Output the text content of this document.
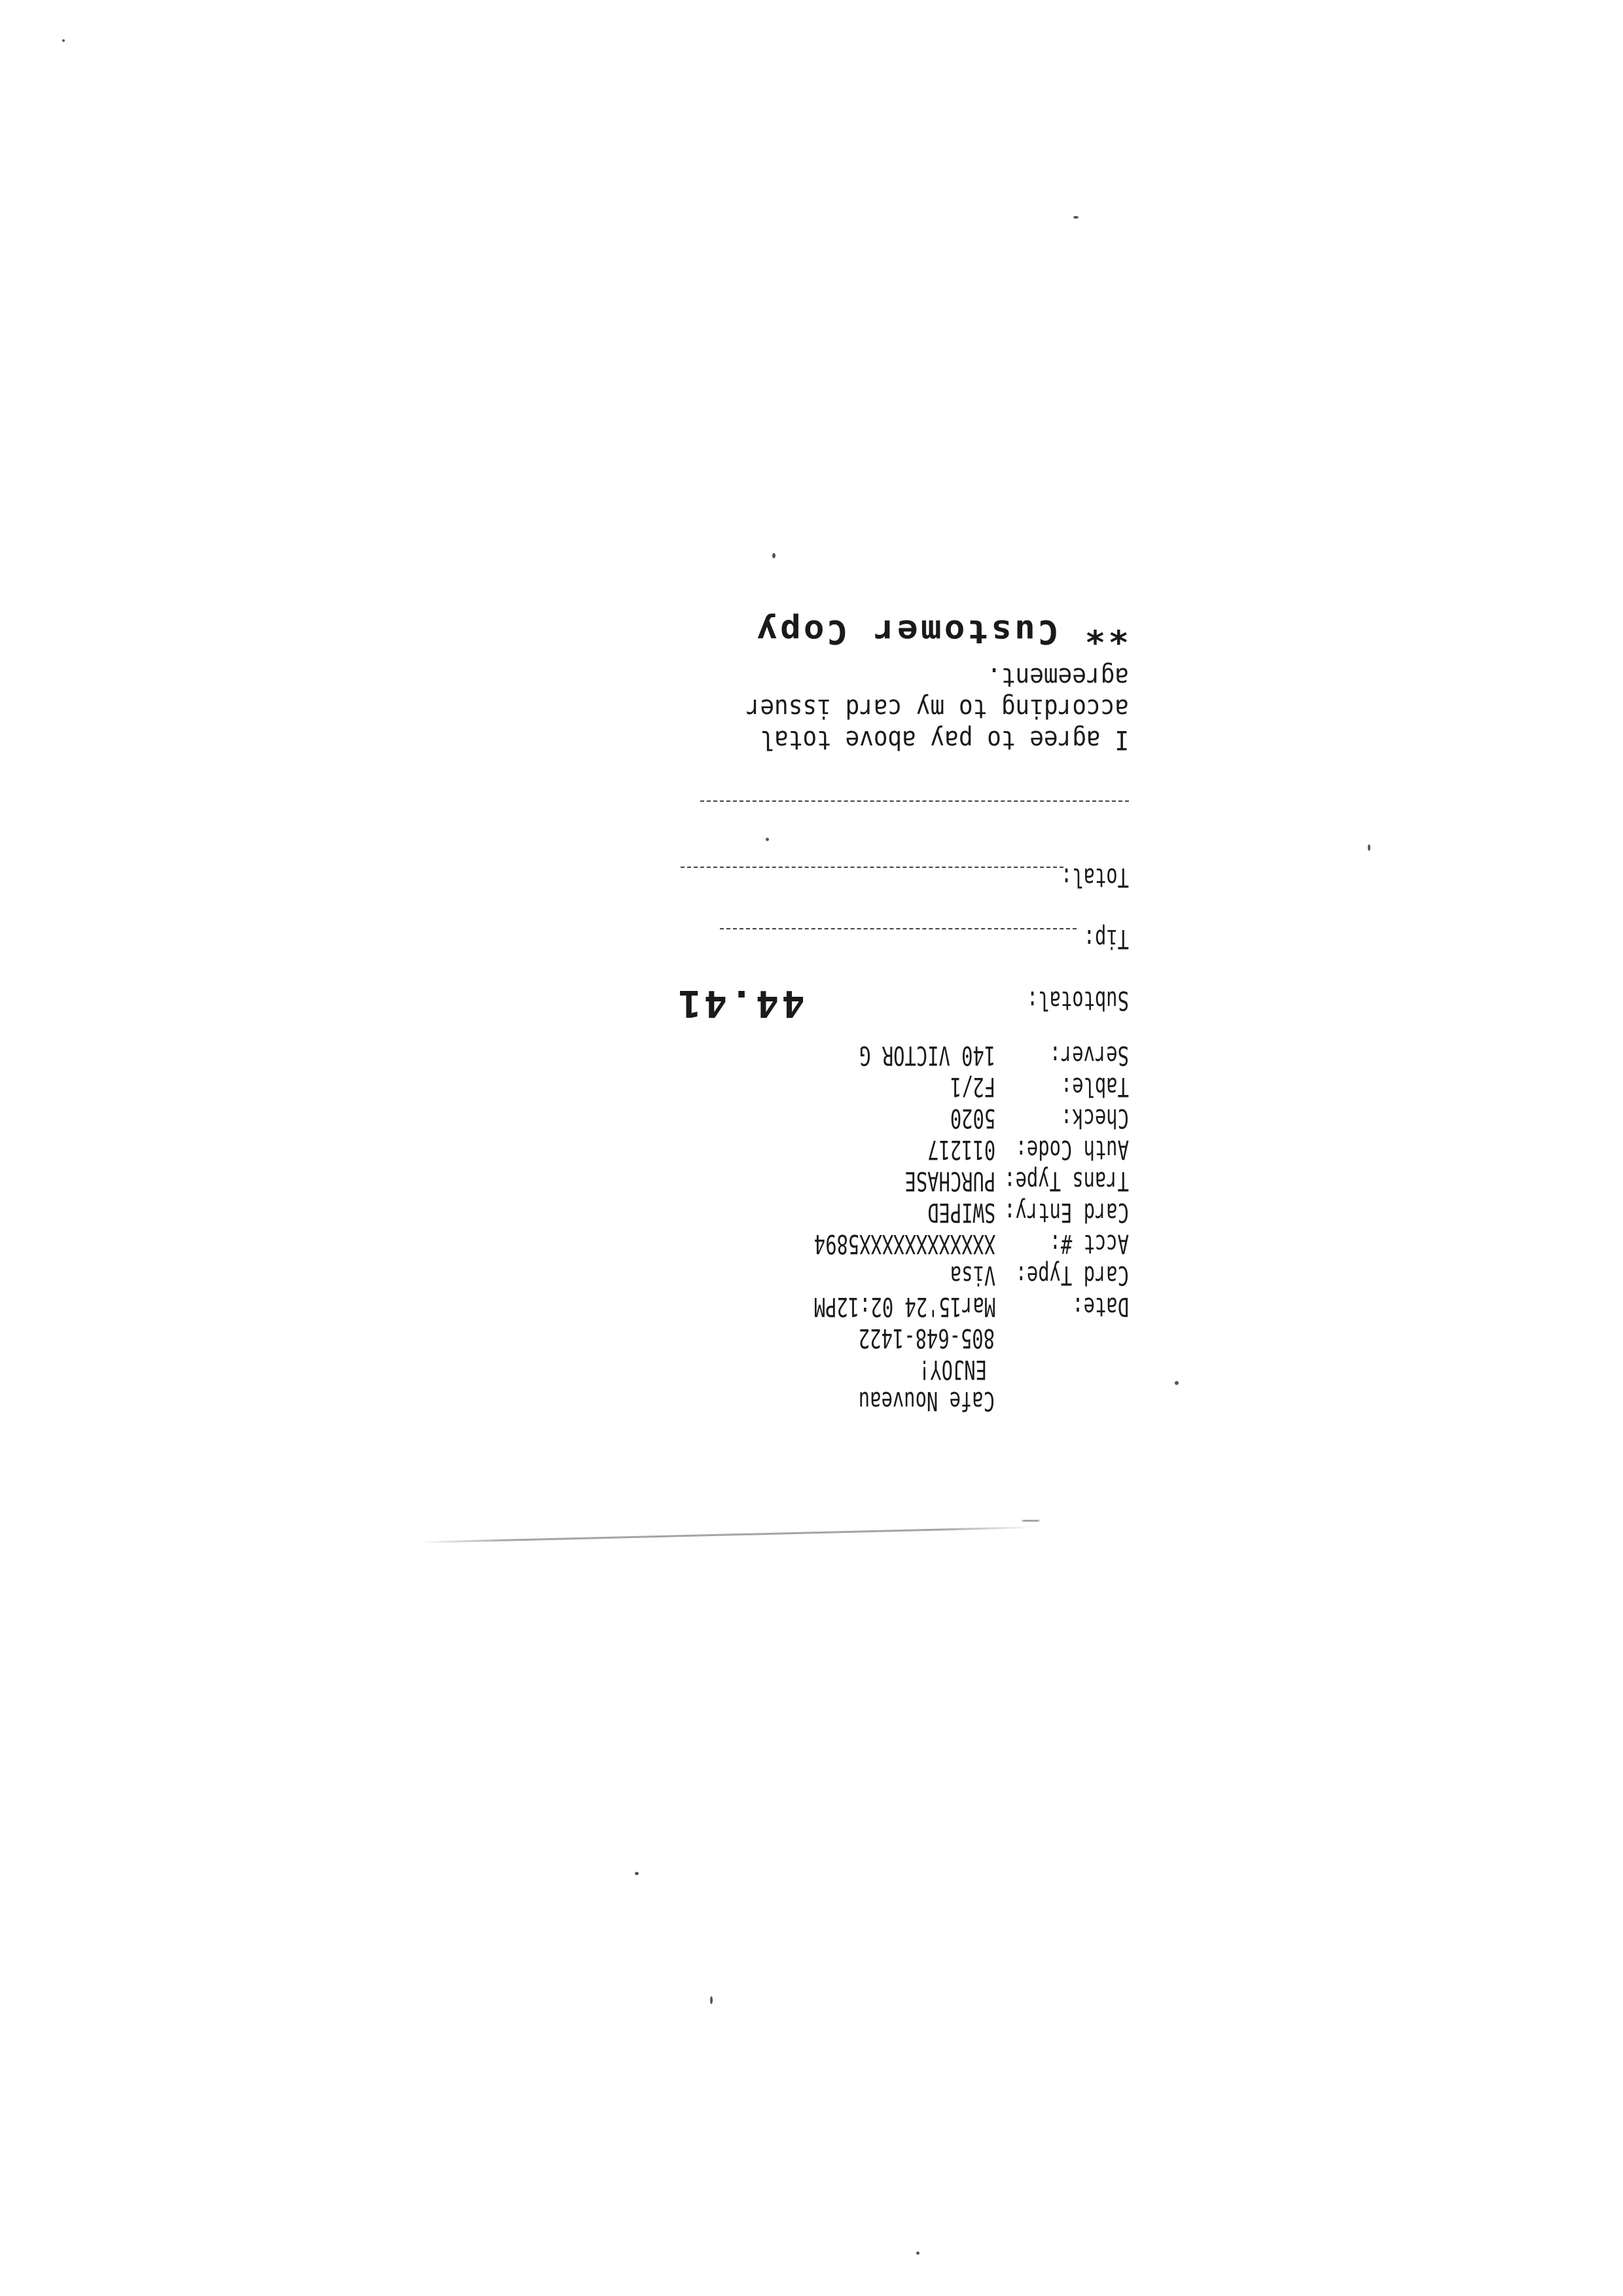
Cafe Nouveau
ENJOY!
805-648-1422
Date:
Mar15'24 02:12PM
Card Type:
Visa
Acct #:
XXXXXXXXXXXX5894
Card Entry:
SWIPED
Trans Type:
PURCHASE
Auth Code:
011217
Check:
5020
Table:
F2/1
Server:
140 VICTOR G
Subtotal:
44.41
Tip:
Total:
I agree to pay above total
according to my card issuer
agreement.
** Customer Copy
